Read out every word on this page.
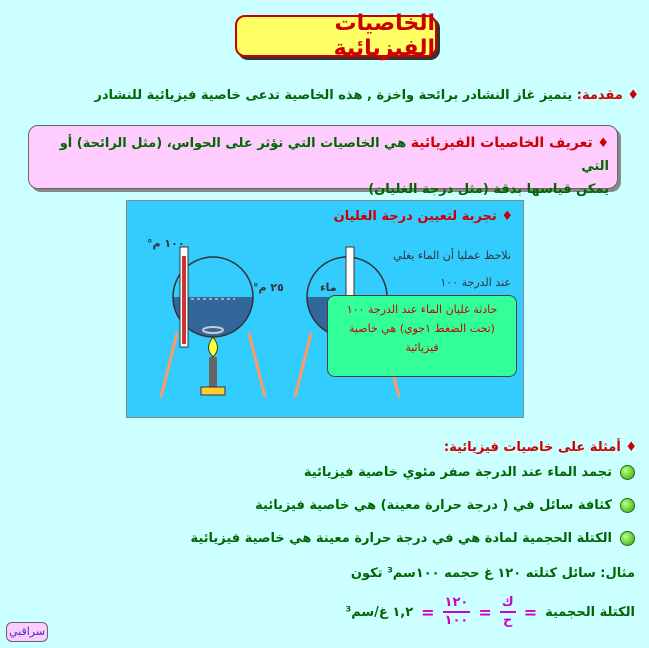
الخاصيات الفيزيائية
♦ مقدمة: يتميز غاز النشادر برائحة واخزة , هذه الخاصية تدعى خاصية فيزيائية للنشادر
♦ تعريف الخاصيات الفيزيائية هي الخاصيات التي تؤثر على الحواس، (مثل الرائحة) أو التي
يمكن قياسها بدقة (مثل درجة الغليان)
♦ تجربة لتعيين درجة الغليان
نلاحظ عمليا أن الماء يغلي
عند الدرجة ١٠٠
١٠٠ م°
٢٥ م°	ماء
حادثة غليان الماء عند الدرجة ١٠٠ (تحت الضغط ١جوي) هي خاصية فيزيائية
♦ أمثلة على خاصيات فيزيائية:
تجمد الماء عند الدرجة صفر مئوي خاصية فيزيائية
كثافة سائل في ( درجة حرارة معينة) هي خاصية فيزيائية
الكتلة الحجمية لمادة هي في درجة حرارة معينة هي خاصية فيزيائية
مثال: سائل كتلته ١٢٠ غ حجمه ١٠٠سم³ تكون
الكتلة الحجمية
=
$\frac{\text{ك}}{\text{ح}}$
=
$\frac{١٢٠}{١٠٠}$
=
١,٢ غ/سم³
سراقبي
